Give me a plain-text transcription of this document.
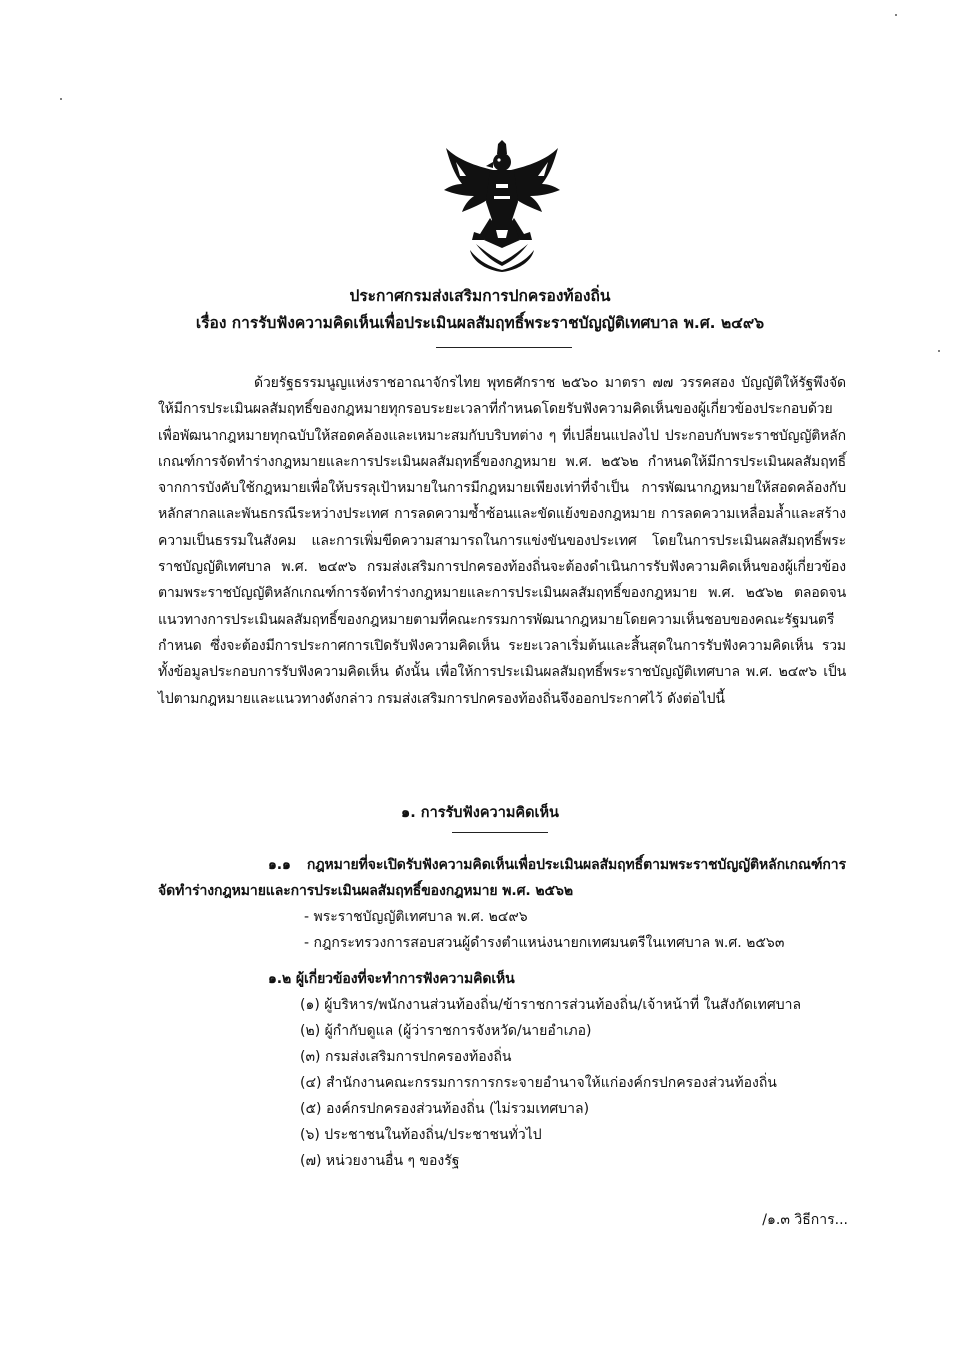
ประกาศกรมส่งเสริมการปกครองท้องถิ่น
เรื่อง การรับฟังความคิดเห็นเพื่อประเมินผลสัมฤทธิ์พระราชบัญญัติเทศบาล พ.ศ. ๒๔๙๖

ด้วยรัฐธรรมนูญแห่งราชอาณาจักรไทย พุทธศักราช ๒๕๖๐ มาตรา ๗๗ วรรคสอง บัญญัติให้รัฐพึงจัดให้มีการประเมินผลสัมฤทธิ์ของกฎหมายทุกรอบระยะเวลาที่กำหนดโดยรับฟังความคิดเห็นของผู้เกี่ยวข้องประกอบด้วย เพื่อพัฒนากฎหมายทุกฉบับให้สอดคล้องและเหมาะสมกับบริบทต่าง ๆ ที่เปลี่ยนแปลงไป ประกอบกับพระราชบัญญัติหลักเกณฑ์การจัดทำร่างกฎหมายและการประเมินผลสัมฤทธิ์ของกฎหมาย พ.ศ. ๒๕๖๒ กำหนดให้มีการประเมินผลสัมฤทธิ์จากการบังคับใช้กฎหมายเพื่อให้บรรลุเป้าหมายในการมีกฎหมายเพียงเท่าที่จำเป็น การพัฒนากฎหมายให้สอดคล้องกับหลักสากลและพันธกรณีระหว่างประเทศ การลดความซ้ำซ้อนและขัดแย้งของกฎหมาย การลดความเหลื่อมล้ำและสร้างความเป็นธรรมในสังคม และการเพิ่มขีดความสามารถในการแข่งขันของประเทศ โดยในการประเมินผลสัมฤทธิ์พระราชบัญญัติเทศบาล พ.ศ. ๒๔๙๖ กรมส่งเสริมการปกครองท้องถิ่นจะต้องดำเนินการรับฟังความคิดเห็นของผู้เกี่ยวข้องตามพระราชบัญญัติหลักเกณฑ์การจัดทำร่างกฎหมายและการประเมินผลสัมฤทธิ์ของกฎหมาย พ.ศ. ๒๕๖๒ ตลอดจนแนวทางการประเมินผลสัมฤทธิ์ของกฎหมายตามที่คณะกรรมการพัฒนากฎหมายโดยความเห็นชอบของคณะรัฐมนตรีกำหนด ซึ่งจะต้องมีการประกาศการเปิดรับฟังความคิดเห็น ระยะเวลาเริ่มต้นและสิ้นสุดในการรับฟังความคิดเห็น รวมทั้งข้อมูลประกอบการรับฟังความคิดเห็น ดังนั้น เพื่อให้การประเมินผลสัมฤทธิ์พระราชบัญญัติเทศบาล พ.ศ. ๒๔๙๖ เป็นไปตามกฎหมายและแนวทางดังกล่าว กรมส่งเสริมการปกครองท้องถิ่นจึงออกประกาศไว้ ดังต่อไปนี้

๑. การรับฟังความคิดเห็น

๑.๑ กฎหมายที่จะเปิดรับฟังความคิดเห็นเพื่อประเมินผลสัมฤทธิ์ตามพระราชบัญญัติหลักเกณฑ์การจัดทำร่างกฎหมายและการประเมินผลสัมฤทธิ์ของกฎหมาย พ.ศ. ๒๕๖๒

- พระราชบัญญัติเทศบาล พ.ศ. ๒๔๙๖
- กฎกระทรวงการสอบสวนผู้ดำรงตำแหน่งนายกเทศมนตรีในเทศบาล พ.ศ. ๒๕๖๓

๑.๒ ผู้เกี่ยวข้องที่จะทำการฟังความคิดเห็น

(๑) ผู้บริหาร/พนักงานส่วนท้องถิ่น/ข้าราชการส่วนท้องถิ่น/เจ้าหน้าที่ ในสังกัดเทศบาล
(๒) ผู้กำกับดูแล (ผู้ว่าราชการจังหวัด/นายอำเภอ)
(๓) กรมส่งเสริมการปกครองท้องถิ่น
(๔) สำนักงานคณะกรรมการการกระจายอำนาจให้แก่องค์กรปกครองส่วนท้องถิ่น
(๕) องค์กรปกครองส่วนท้องถิ่น (ไม่รวมเทศบาล)
(๖) ประชาชนในท้องถิ่น/ประชาชนทั่วไป
(๗) หน่วยงานอื่น ๆ ของรัฐ
/๑.๓ วิธีการ...
